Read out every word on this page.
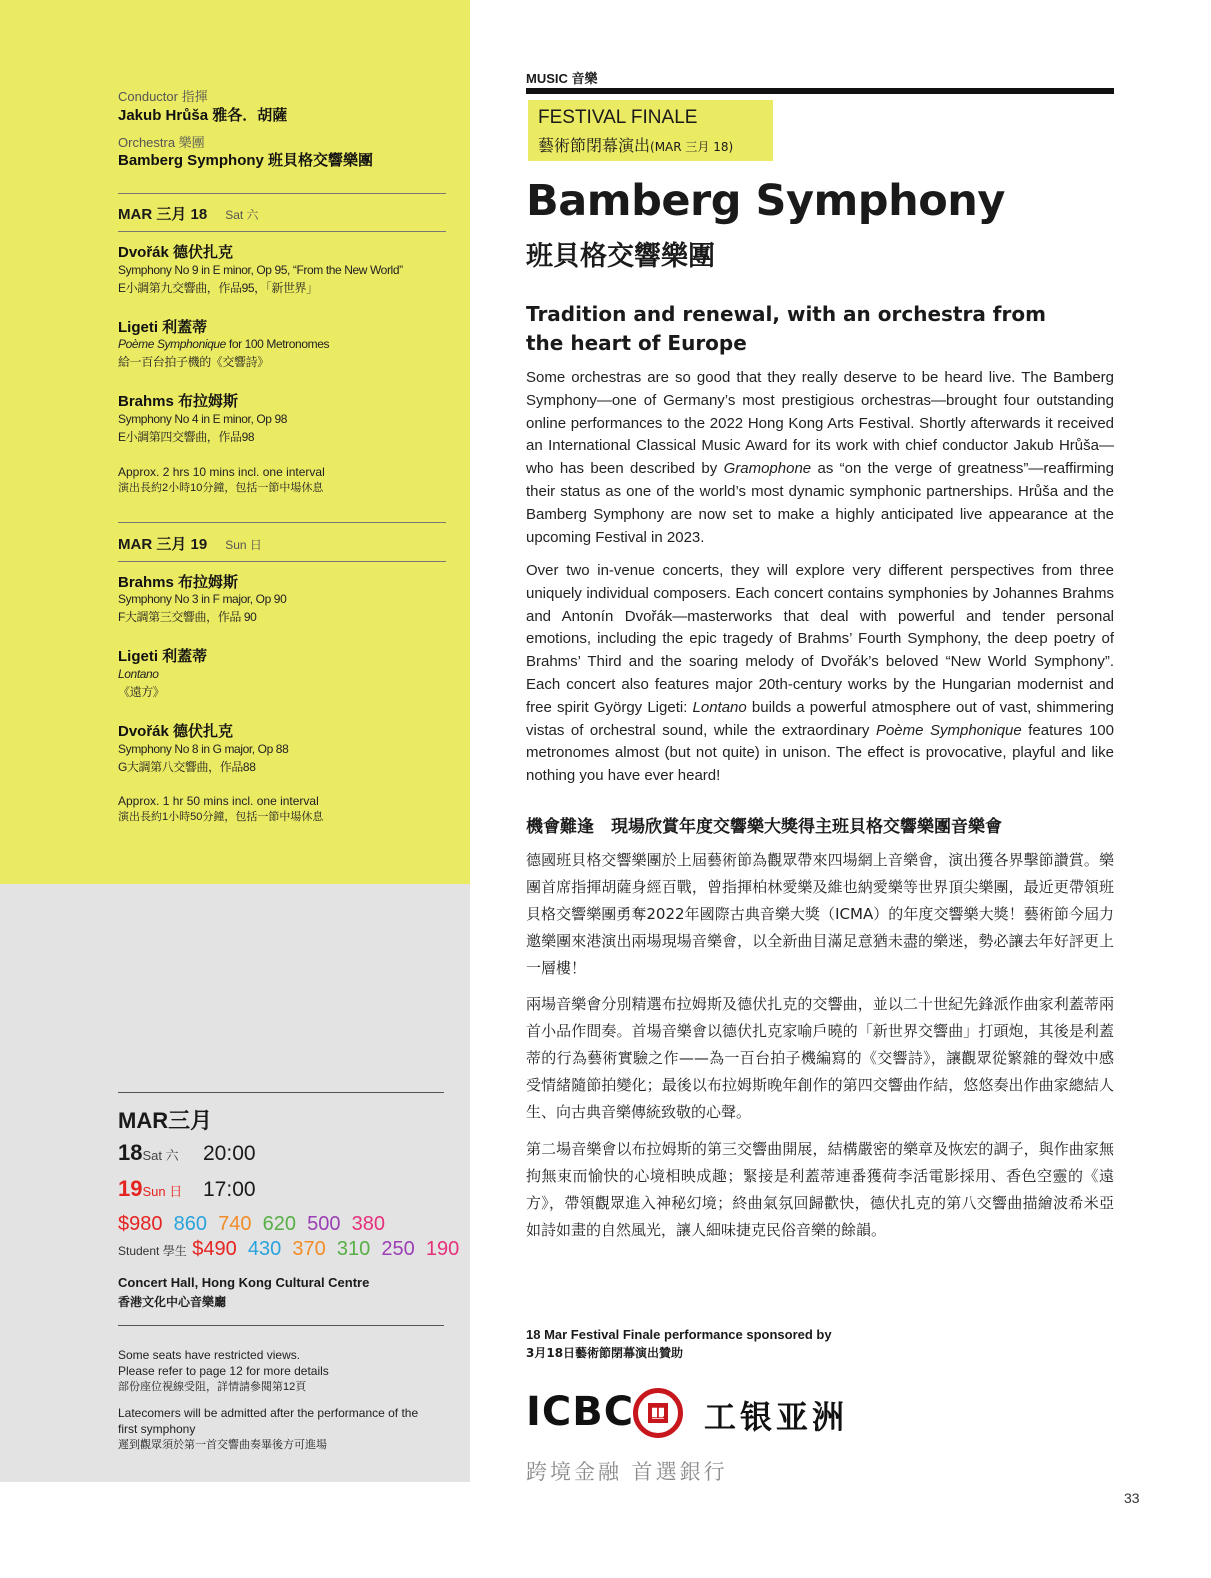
Conductor 指揮
Jakub Hrůša 雅各．胡薩
Orchestra 樂團
Bamberg Symphony 班貝格交響樂團
MAR 三月 18 Sat 六
Dvořák 德伏扎克
Symphony No 9 in E minor, Op 95, “From the New World”
E小調第九交響曲，作品95，「新世界」
Ligeti 利蓋蒂
Poème Symphonique for 100 Metronomes
給一百台拍子機的《交響詩》
Brahms 布拉姆斯
Symphony No 4 in E minor, Op 98
E小調第四交響曲，作品98
Approx. 2 hrs 10 mins incl. one interval
演出長約2小時10分鐘，包括一節中場休息
MAR 三月 19 Sun 日
Brahms 布拉姆斯
Symphony No 3 in F major, Op 90
F大調第三交響曲，作品 90
Ligeti 利蓋蒂
Lontano
《遠方》
Dvořák 德伏扎克
Symphony No 8 in G major, Op 88
G大調第八交響曲，作品88
Approx. 1 hr 50 mins incl. one interval
演出長約1小時50分鐘，包括一節中場休息
MAR三月
18Sat 六 20:00
19Sun 日 17:00
$980 860 740 620 500 380
Student 學生 $490 430 370 310 250 190
Concert Hall, Hong Kong Cultural Centre
香港文化中心音樂廳
Some seats have restricted views.
Please refer to page 12 for more details
部份座位視線受阻，詳情請參閱第12頁
Latecomers will be admitted after the performance of the
first symphony
遲到觀眾須於第一首交響曲奏畢後方可進場
MUSIC 音樂
FESTIVAL FINALE
藝術節閉幕演出(MAR 三月 18)
Bamberg Symphony
班貝格交響樂團
Tradition and renewal, with an orchestra from the heart of Europe

Some orchestras are so good that they really deserve to be heard live. The Bamberg Symphony—one of Germany’s most prestigious orchestras—brought four outstanding online performances to the 2022 Hong Kong Arts Festival. Shortly afterwards it received an International Classical Music Award for its work with chief conductor Jakub Hrůša—who has been described by Gramophone as “on the verge of greatness”—reaffirming their status as one of the world’s most dynamic symphonic partnerships. Hrůša and the Bamberg Symphony are now set to make a highly anticipated live appearance at the upcoming Festival in 2023.

Over two in-venue concerts, they will explore very different perspectives from three uniquely individual composers. Each concert contains symphonies by Johannes Brahms and Antonín Dvořák—masterworks that deal with powerful and tender personal emotions, including the epic tragedy of Brahms’ Fourth Symphony, the deep poetry of Brahms’ Third and the soaring melody of Dvořák’s beloved “New World Symphony”. Each concert also features major 20th-century works by the Hungarian modernist and free spirit György Ligeti: Lontano builds a powerful atmosphere out of vast, shimmering vistas of orchestral sound, while the extraordinary Poème Symphonique features 100 metronomes almost (but not quite) in unison. The effect is provocative, playful and like nothing you have ever heard!

機會難逢　現場欣賞年度交響樂大獎得主班貝格交響樂團音樂會

德國班貝格交響樂團於上屆藝術節為觀眾帶來四場網上音樂會，演出獲各界擊節讚賞。樂團首席指揮胡薩身經百戰，曾指揮柏林愛樂及維也納愛樂等世界頂尖樂團，最近更帶領班貝格交響樂團勇奪2022年國際古典音樂大獎（ICMA）的年度交響樂大獎！藝術節今屆力邀樂團來港演出兩場現場音樂會，以全新曲目滿足意猶未盡的樂迷，勢必讓去年好評更上一層樓！

兩場音樂會分別精選布拉姆斯及德伏扎克的交響曲，並以二十世紀先鋒派作曲家利蓋蒂兩首小品作間奏。首場音樂會以德伏扎克家喻戶曉的「新世界交響曲」打頭炮，其後是利蓋蒂的行為藝術實驗之作——為一百台拍子機編寫的《交響詩》，讓觀眾從繁雜的聲效中感受情緒隨節拍變化；最後以布拉姆斯晚年創作的第四交響曲作結，悠悠奏出作曲家總結人生、向古典音樂傳統致敬的心聲。

第二場音樂會以布拉姆斯的第三交響曲開展，結構嚴密的樂章及恢宏的調子，與作曲家無拘無束而愉快的心境相映成趣；緊接是利蓋蒂連番獲荷李活電影採用、香色空靈的《遠方》，帶領觀眾進入神秘幻境；終曲氣氛回歸歡快，德伏扎克的第八交響曲描繪波希米亞如詩如畫的自然風光，讓人細味捷克民俗音樂的餘韻。

18 Mar Festival Finale performance sponsored by
3月18日藝術節閉幕演出贊助
ICBC 工 工银亚洲
跨境金融 首選銀行
33
